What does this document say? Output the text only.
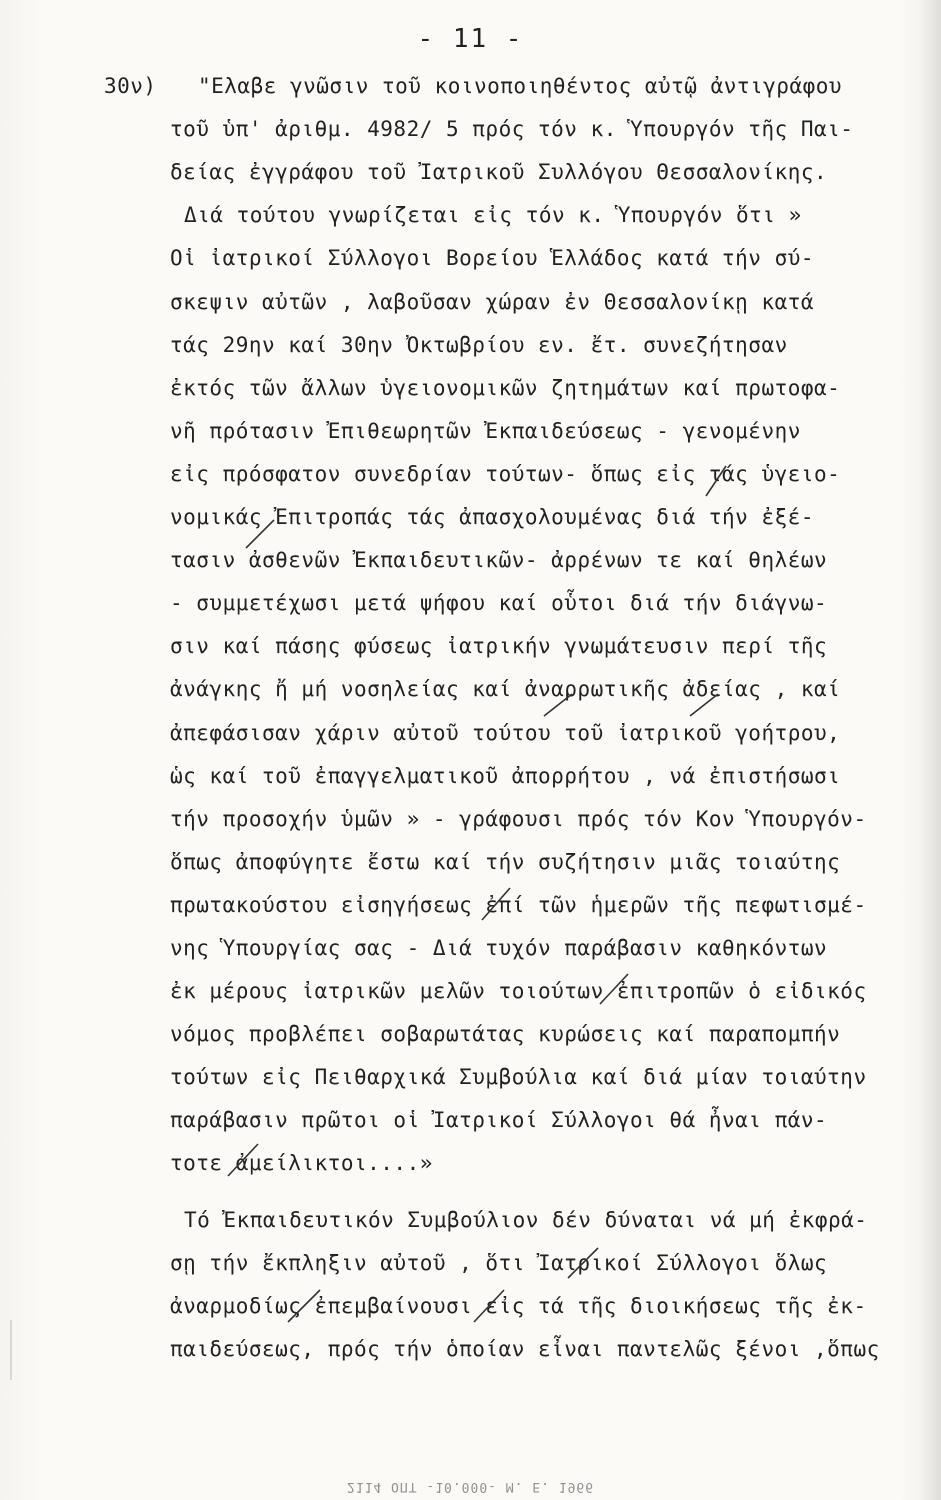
- 11 -
30ν) "Ελαβε γνῶσιν τοῦ κοινοποιηθέντος αὐτῷ ἀντιγράφου
τοῦ ὑπ' ἀριθμ. 4982/ 5 πρός τόν κ. Ὑπουργόν τῆς Παι-
δείας ἐγγράφου τοῦ Ἰατρικοῦ Συλλόγου Θεσσαλονίκης.
Διά τούτου γνωρίζεται εἰς τόν κ. Ὑπουργόν ὅτι »
Οἱ ἰατρικοί Σύλλογοι Βορείου Ἑλλάδος κατά τήν σύ-
σκεψιν αὐτῶν , λαβοῦσαν χώραν ἐν Θεσσαλονίκῃ κατά
τάς 29ην καί 30ην Ὀκτωβρίου εν. ἔτ. συνεζήτησαν
ἐκτός τῶν ἄλλων ὑγειονομικῶν ζητημάτων καί πρωτοφα-
νῆ πρότασιν Ἐπιθεωρητῶν Ἐκπαιδεύσεως - γενομένην
εἰς πρόσφατον συνεδρίαν τούτων- ὅπως εἰς τάς ὑγειο-
νομικάς Ἐπιτροπάς τάς ἀπασχολουμένας διά τήν ἐξέ-
τασιν ἀσθενῶν Ἐκπαιδευτικῶν- ἀρρένων τε καί θηλέων
- συμμετέχωσι μετά ψήφου καί οὗτοι διά τήν διάγνω-
σιν καί πάσης φύσεως ἰατρικήν γνωμάτευσιν περί τῆς
ἀνάγκης ἤ μή νοσηλείας καί ἀναρρωτικῆς ἀδείας , καί
ἀπεφάσισαν χάριν αὐτοῦ τούτου τοῦ ἰατρικοῦ γοήτρου,
ὡς καί τοῦ ἐπαγγελματικοῦ ἀπορρήτου , νά ἐπιστήσωσι
τήν προσοχήν ὑμῶν » - γράφουσι πρός τόν Κον Ὑπουργόν-
ὅπως ἀποφύγητε ἔστω καί τήν συζήτησιν μιᾶς τοιαύτης
πρωτακούστου εἰσηγήσεως ἐπί τῶν ἡμερῶν τῆς πεφωτισμέ-
νης Ὑπουργίας σας - Διά τυχόν παράβασιν καθηκόντων
ἐκ μέρους ἰατρικῶν μελῶν τοιούτων ἐπιτροπῶν ὁ εἰδικός
νόμος προβλέπει σοβαρωτάτας κυρώσεις καί παραπομπήν
τούτων εἰς Πειθαρχικά Συμβούλια καί διά μίαν τοιαύτην
παράβασιν πρῶτοι οἱ Ἰατρικοί Σύλλογοι θά ἦναι πάν-
τοτε ἀμείλικτοι....»
Τό Ἐκπαιδευτικόν Συμβούλιον δέν δύναται νά μή ἐκφρά-
σῃ τήν ἔκπληξιν αὐτοῦ , ὅτι Ἰατρικοί Σύλλογοι ὅλως
ἀναρμοδίως ἐπεμβαίνουσι εἰς τά τῆς διοικήσεως τῆς ἐκ-
παιδεύσεως, πρός τήν ὁποίαν εἶναι παντελῶς ξένοι ,ὅπως
2114 ΟΠΤ -10.000- Μ. Ε. 1966
